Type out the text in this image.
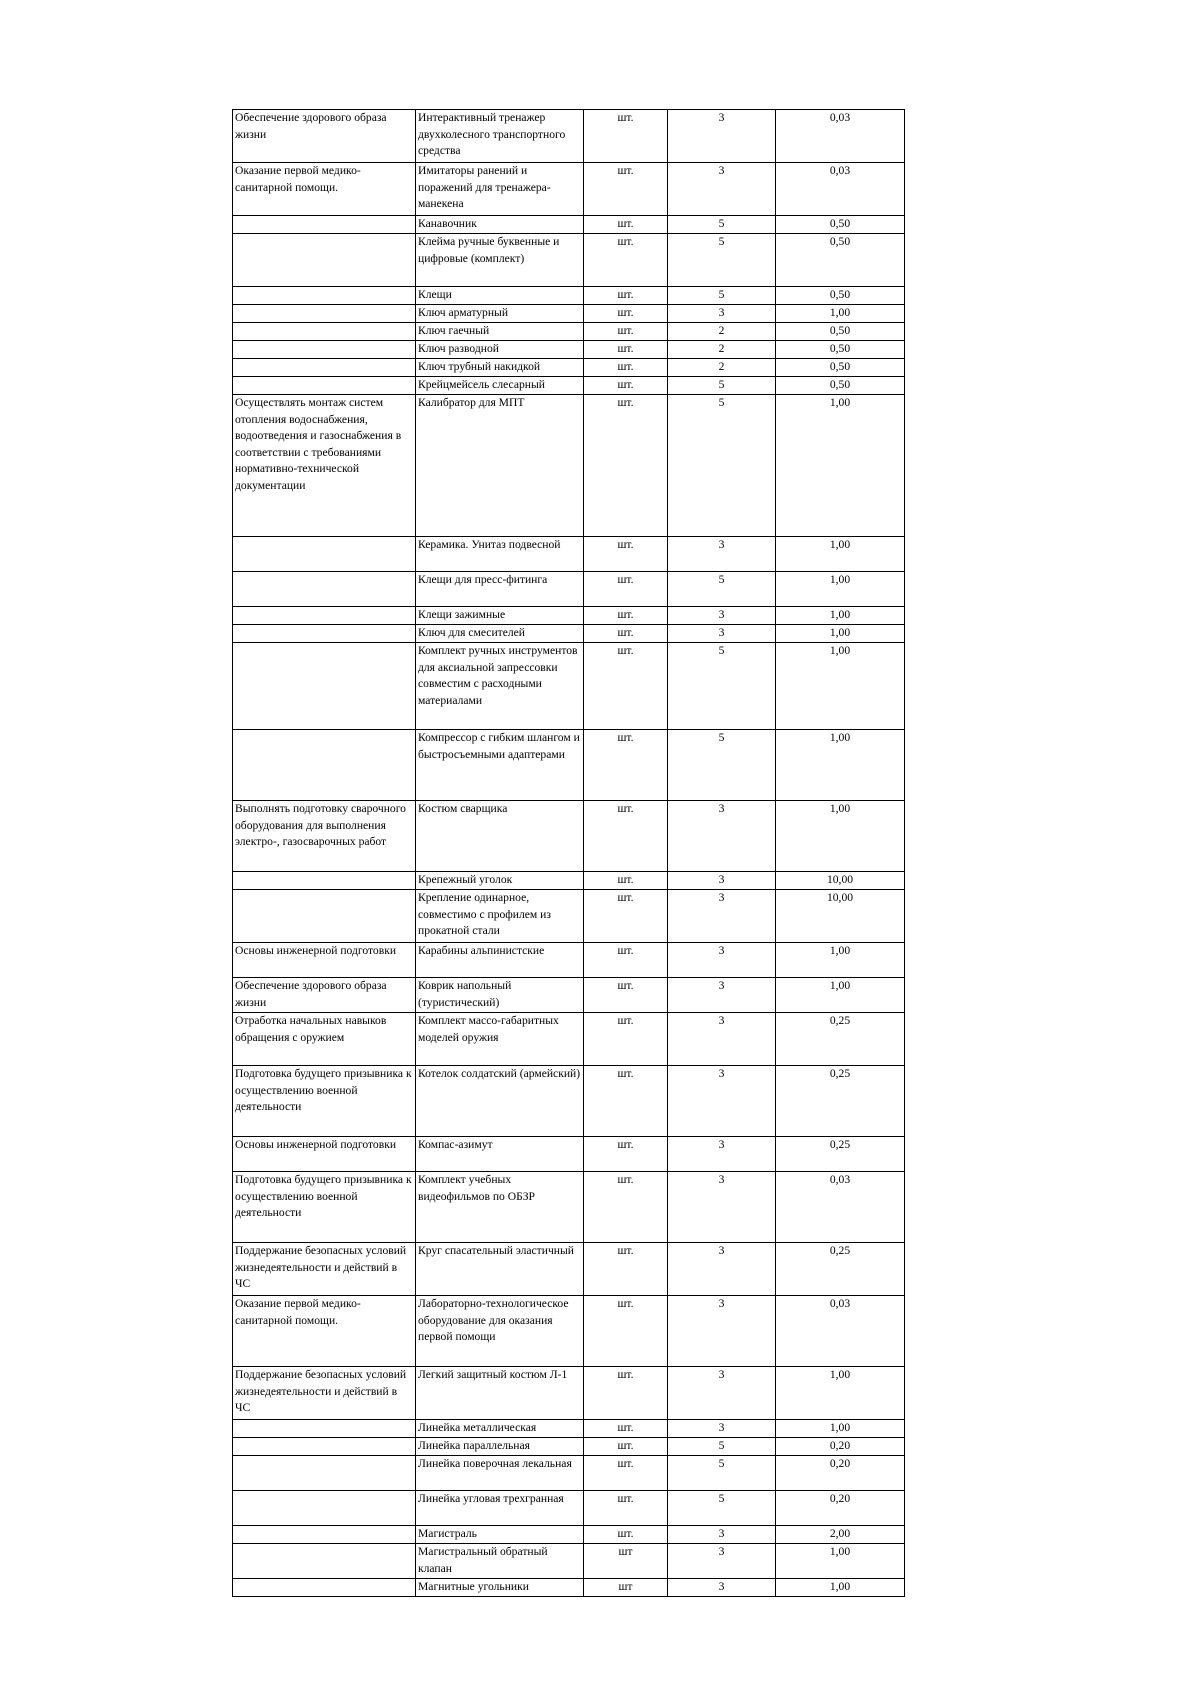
Обеспечение здорового образа жизни	Интерактивный тренажер двухколесного транспортного средства	шт.	3	0,03
Оказание первой медико-санитарной помощи.	Имитаторы ранений и поражений для тренажера-манекена	шт.	3	0,03
	Канавочник	шт.	5	0,50
	Клейма ручные буквенные и цифровые (комплект)	шт.	5	0,50
	Клещи	шт.	5	0,50
	Ключ арматурный	шт.	3	1,00
	Ключ гаечный	шт.	2	0,50
	Ключ разводной	шт.	2	0,50
	Ключ трубный накидкой	шт.	2	0,50
	Крейцмейсель слесарный	шт.	5	0,50
Осуществлять монтаж систем отопления водоснабжения, водоотведения и газоснабжения в соответствии с требованиями нормативно-технической документации	Калибратор для МПТ	шт.	5	1,00
	Керамика. Унитаз подвесной	шт.	3	1,00
	Клещи для пресс-фитинга	шт.	5	1,00
	Клещи зажимные	шт.	3	1,00
	Ключ для смесителей	шт.	3	1,00
	Комплект ручных инструментов для аксиальной запрессовки совместим с расходными материалами	шт.	5	1,00
	Компрессор с гибким шлангом и быстросъемными адаптерами	шт.	5	1,00
Выполнять подготовку сварочного оборудования для выполнения электро-, газосварочных работ	Костюм сварщика	шт.	3	1,00
	Крепежный уголок	шт.	3	10,00
	Крепление одинарное, совместимо с профилем из прокатной стали	шт.	3	10,00
Основы инженерной подготовки	Карабины альпинистские	шт.	3	1,00
Обеспечение здорового образа жизни	Коврик напольный (туристический)	шт.	3	1,00
Отработка начальных навыков обращения с оружием	Комплект массо-габаритных моделей оружия	шт.	3	0,25
Подготовка будущего призывника к осуществлению военной деятельности	Котелок солдатский (армейский)	шт.	3	0,25
Основы инженерной подготовки	Компас-азимут	шт.	3	0,25
Подготовка будущего призывника к осуществлению военной деятельности	Комплект учебных видеофильмов по ОБЗР	шт.	3	0,03
Поддержание безопасных условий жизнедеятельности и действий в ЧС	Круг спасательный эластичный	шт.	3	0,25
Оказание первой медико-санитарной помощи.	Лабораторно-технологическое оборудование для оказания первой помощи	шт.	3	0,03
Поддержание безопасных условий жизнедеятельности и действий в ЧС	Легкий защитный костюм Л-1	шт.	3	1,00
	Линейка металлическая	шт.	3	1,00
	Линейка параллельная	шт.	5	0,20
	Линейка поверочная лекальная	шт.	5	0,20
	Линейка угловая трехгранная	шт.	5	0,20
	Магистраль	шт.	3	2,00
	Магистральный обратный клапан	шт	3	1,00
	Магнитные угольники	шт	3	1,00
